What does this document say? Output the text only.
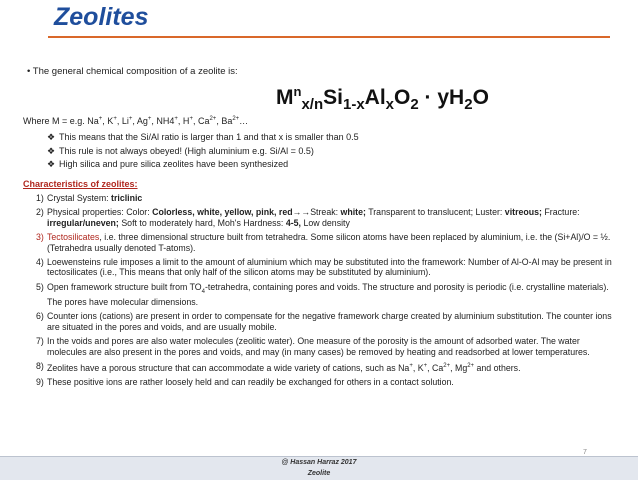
Zeolites
• The general chemical composition of a zeolite is:
$M^n_{x/n}Si_{1-x}Al_xO_2 \cdot yH_2O$
Where M = e.g. Na+, K+, Li+, Ag+, NH4+, H+, $Ca^{2+}$, $Ba^{2+}\dots$
❖ This means that the Si/Al ratio is larger than 1 and that x is smaller than 0.5
❖ This rule is not always obeyed! (High aluminium e.g. Si/Al = 0.5)
❖ High silica and pure silica zeolites have been synthesized
Characteristics of zeolites:
1) Crystal System: triclinic
2) Physical properties: Color: Colorless, white, yellow, pink, red→→Streak: white; Transparent to translucent; Luster: vitreous; Fracture: irregular/uneven; Soft to moderately hard, Moh's Hardness: 4-5, Low density
3) Tectosilicates, i.e. three dimensional structure built from tetrahedra. Some silicon atoms have been replaced by aluminium, i.e. the (Si+Al)/O = ½. (Tetrahedra usually denoted T-atoms).
4) Loewensteins rule imposes a limit to the amount of aluminium which may be substituted into the framework: Number of Al-O-Al may be present in tectosilicates (i.e., This means that only half of the silicon atoms may be substituted by aluminium).
5) Open framework structure built from $TO_4$-tetrahedra, containing pores and voids. The structure and porosity is periodic (i.e. crystalline materials). The pores have molecular dimensions.
6) Counter ions (cations) are present in order to compensate for the negative framework charge created by aluminium substitution. The counter ions are situated in the pores and voids, and are usually mobile.
7) In the voids and pores are also water molecules (zeolitic water). One measure of the porosity is the amount of adsorbed water. The water molecules are also present in the pores and voids, and may (in many cases) be removed by heating and readsorbed at lower temperatures.
8) Zeolites have a porous structure that can accommodate a wide variety of cations, such as Na+, K+, $Ca^{2+}$, $Mg^{2+}$ and others.
9) These positive ions are rather loosely held and can readily be exchanged for others in a contact solution.
7
@ Hassan Harraz 2017
Zeolite
